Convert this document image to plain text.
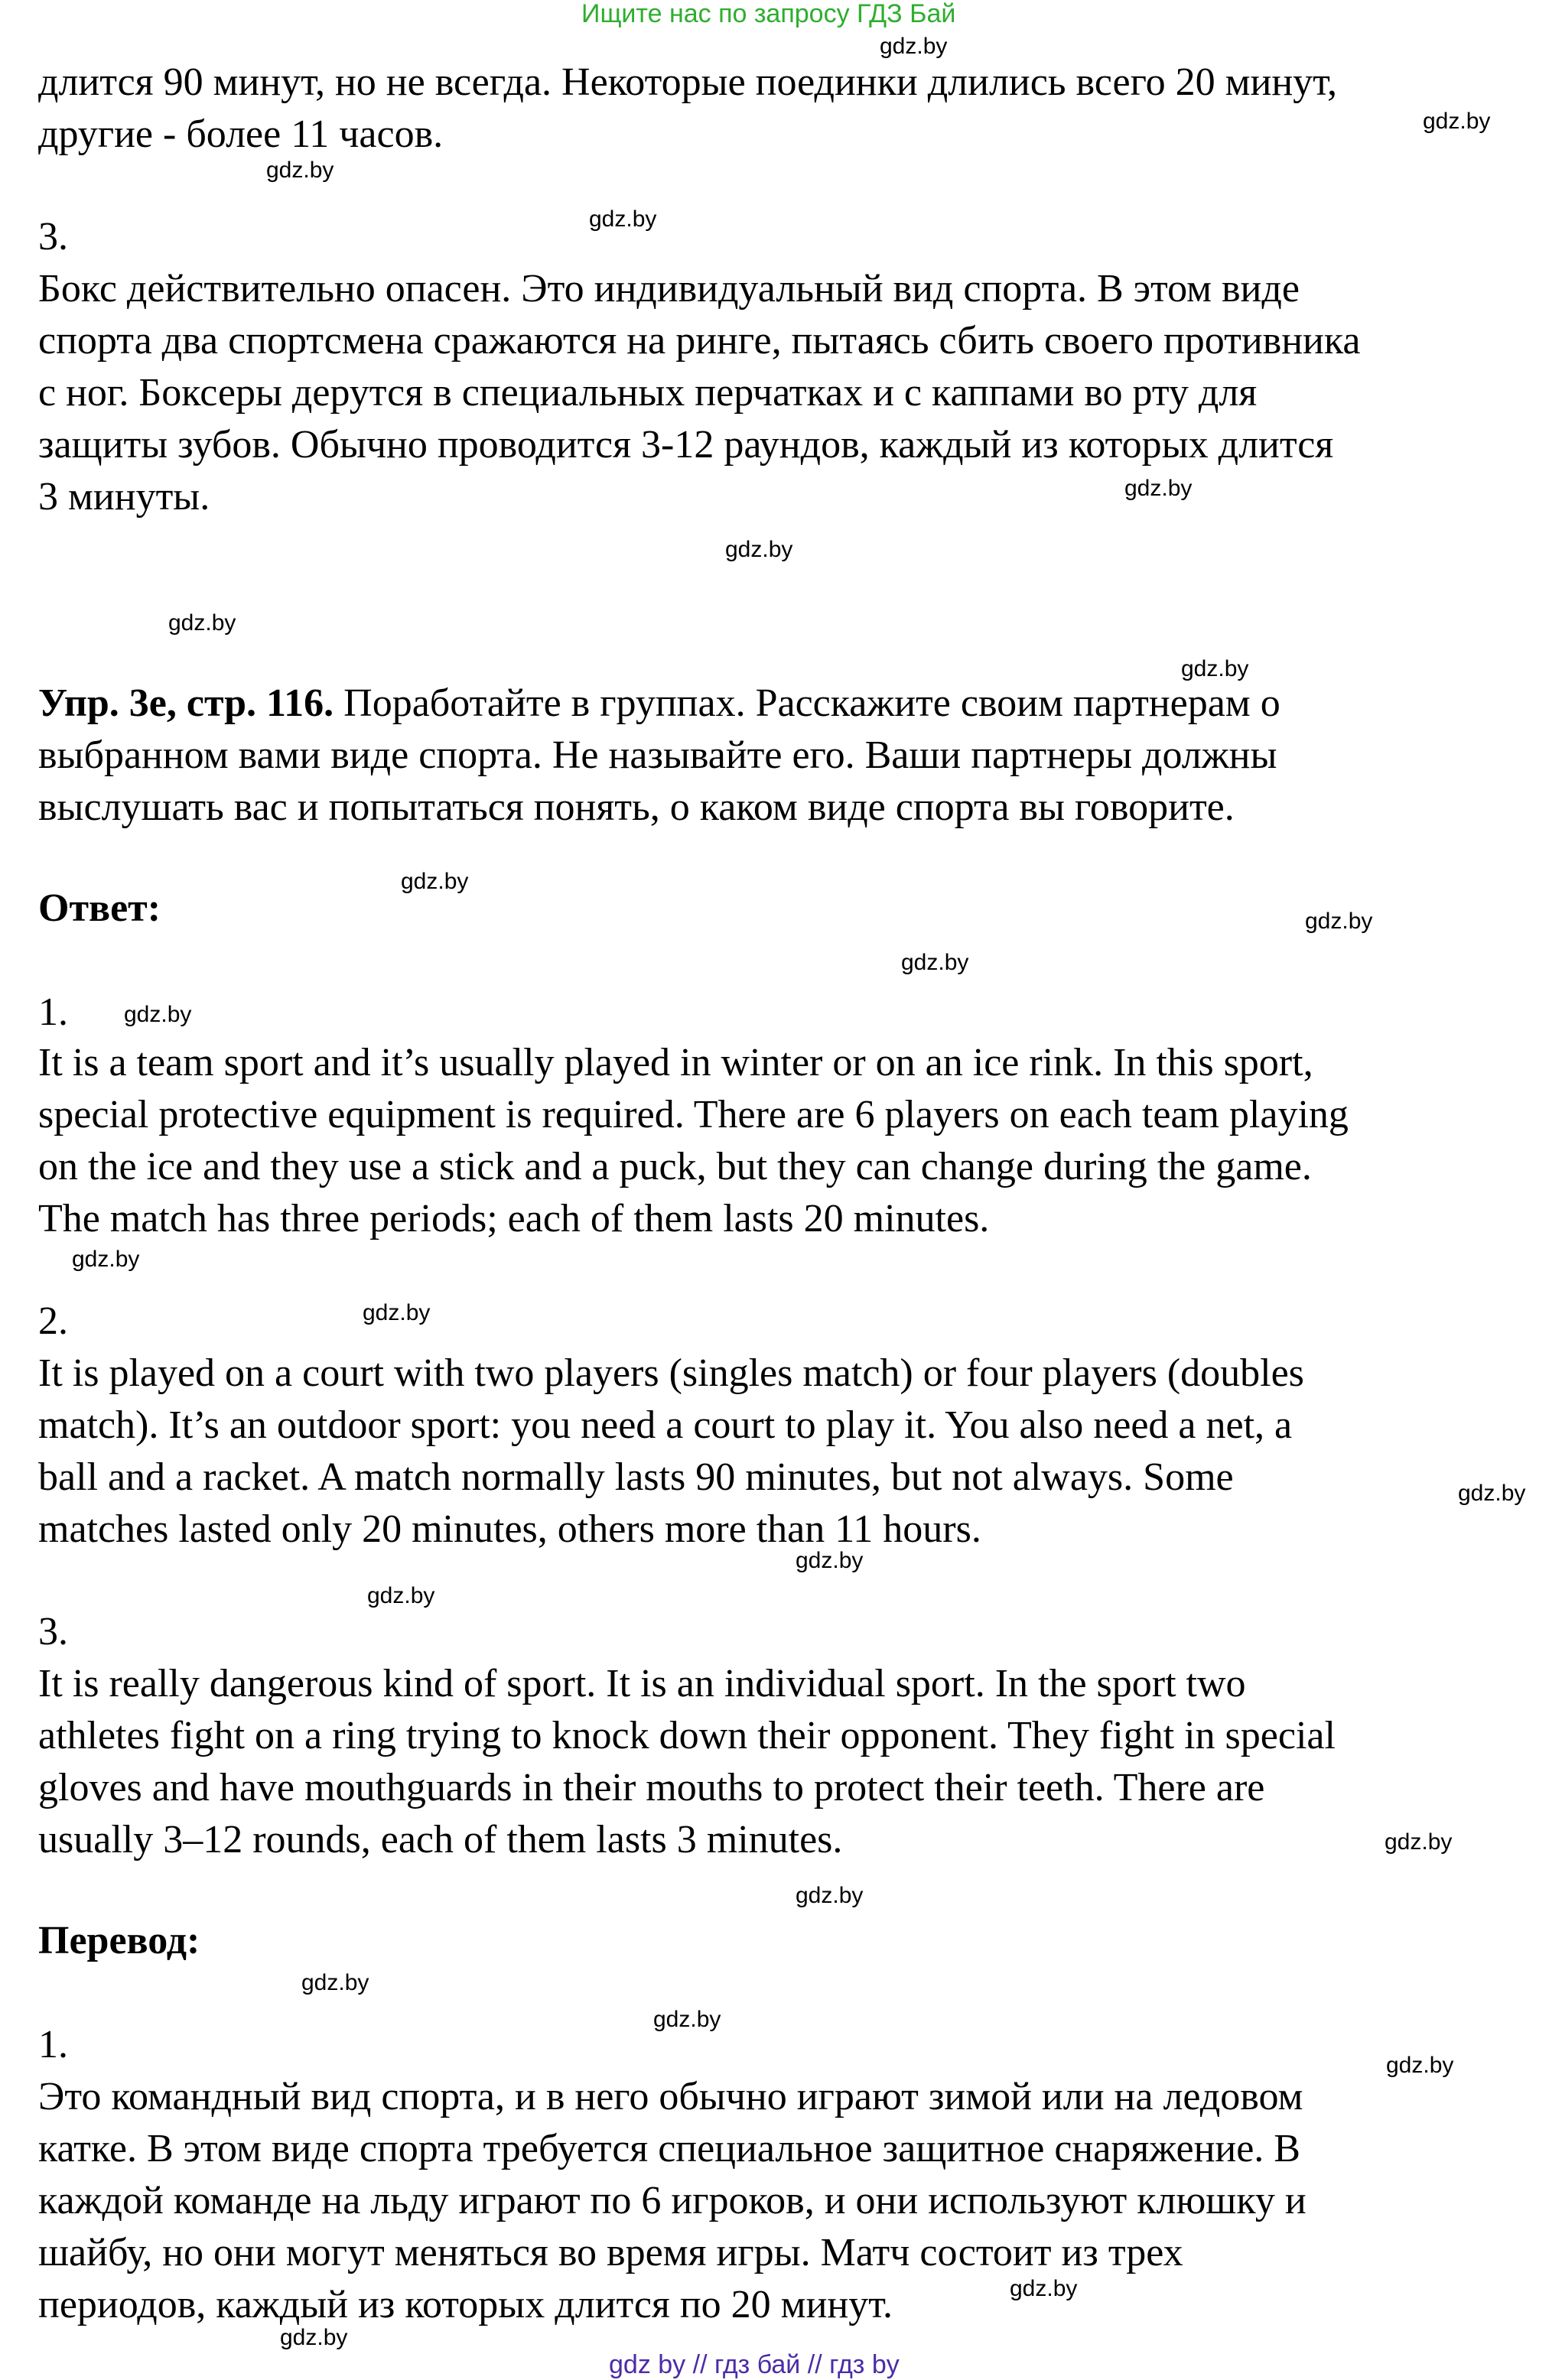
Ищите нас по запросу ГДЗ Бай

длится 90 минут, но не всегда. Некоторые поединки длились всего 20 минут,

другие - более 11 часов.

3.

Бокс действительно опасен. Это индивидуальный вид спорта. В этом виде

спорта два спортсмена сражаются на ринге, пытаясь сбить своего противника

с ног. Боксеры дерутся в специальных перчатках и с каппами во рту для

защиты зубов. Обычно проводится 3-12 раундов, каждый из которых длится

3 минуты.

Упр. 3е, стр. 116. Поработайте в группах. Расскажите своим партнерам о

выбранном вами виде спорта. Не называйте его. Ваши партнеры должны

выслушать вас и попытаться понять, о каком виде спорта вы говорите.

Ответ:

1.

It is a team sport and it’s usually played in winter or on an ice rink. In this sport,

special protective equipment is required. There are 6 players on each team playing

on the ice and they use a stick and a puck, but they can change during the game.

The match has three periods; each of them lasts 20 minutes.

2.

It is played on a court with two players (singles match) or four players (doubles

match). It’s an outdoor sport: you need a court to play it. You also need a net, a

ball and a racket. A match normally lasts 90 minutes, but not always. Some

matches lasted only 20 minutes, others more than 11 hours.

3.

It is really dangerous kind of sport. It is an individual sport. In the sport two

athletes fight on a ring trying to knock down their opponent. They fight in special

gloves and have mouthguards in their mouths to protect their teeth. There are

usually 3–12 rounds, each of them lasts 3 minutes.

Перевод:

1.

Это командный вид спорта, и в него обычно играют зимой или на ледовом

катке. В этом виде спорта требуется специальное защитное снаряжение. В

каждой команде на льду играют по 6 игроков, и они используют клюшку и

шайбу, но они могут меняться во время игры. Матч состоит из трех

периодов, каждый из которых длится по 20 минут.

gdz.by
gdz.by
gdz.by
gdz.by
gdz.by
gdz.by
gdz.by
gdz.by
gdz.by
gdz.by
gdz.by
gdz.by
gdz.by
gdz.by
gdz.by
gdz.by
gdz.by
gdz.by
gdz.by
gdz.by
gdz.by
gdz.by
gdz.by
gdz.by
gdz by // гдз бай // гдз by
